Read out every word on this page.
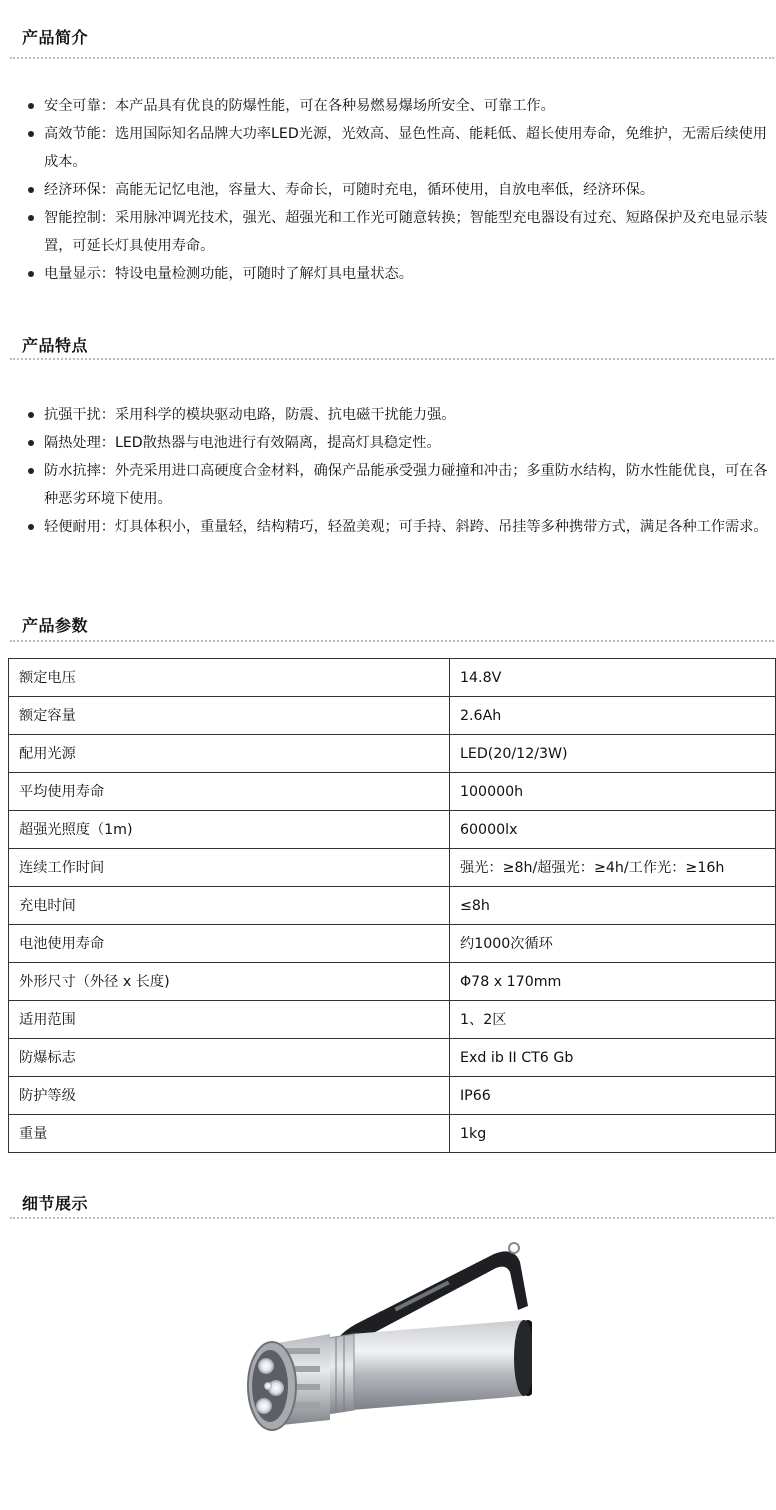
产品简介
安全可靠：本产品具有优良的防爆性能，可在各种易燃易爆场所安全、可靠工作。
高效节能：选用国际知名品牌大功率LED光源，光效高、显色性高、能耗低、超长使用寿命，免维护，无需后续使用成本。
经济环保：高能无记忆电池，容量大、寿命长，可随时充电，循环使用，自放电率低，经济环保。
智能控制：采用脉冲调光技术，强光、超强光和工作光可随意转换；智能型充电器设有过充、短路保护及充电显示装置，可延长灯具使用寿命。
电量显示：特设电量检测功能，可随时了解灯具电量状态。
产品特点
抗强干扰：采用科学的模块驱动电路，防震、抗电磁干扰能力强。
隔热处理：LED散热器与电池进行有效隔离，提高灯具稳定性。
防水抗摔：外壳采用进口高硬度合金材料，确保产品能承受强力碰撞和冲击；多重防水结构，防水性能优良，可在各种恶劣环境下使用。
轻便耐用：灯具体积小，重量轻，结构精巧，轻盈美观；可手持、斜跨、吊挂等多种携带方式，满足各种工作需求。
产品参数
额定电压	14.8V
额定容量	2.6Ah
配用光源	LED(20/12/3W)
平均使用寿命	100000h
超强光照度（1m)	60000lx
连续工作时间	强光：≥8h/超强光：≥4h/工作光：≥16h
充电时间	≤8h
电池使用寿命	约1000次循环
外形尺寸（外径 x 长度)	Φ78 x 170mm
适用范围	1、2区
防爆标志	Exd ib II CT6 Gb
防护等级	IP66
重量	1kg
细节展示
